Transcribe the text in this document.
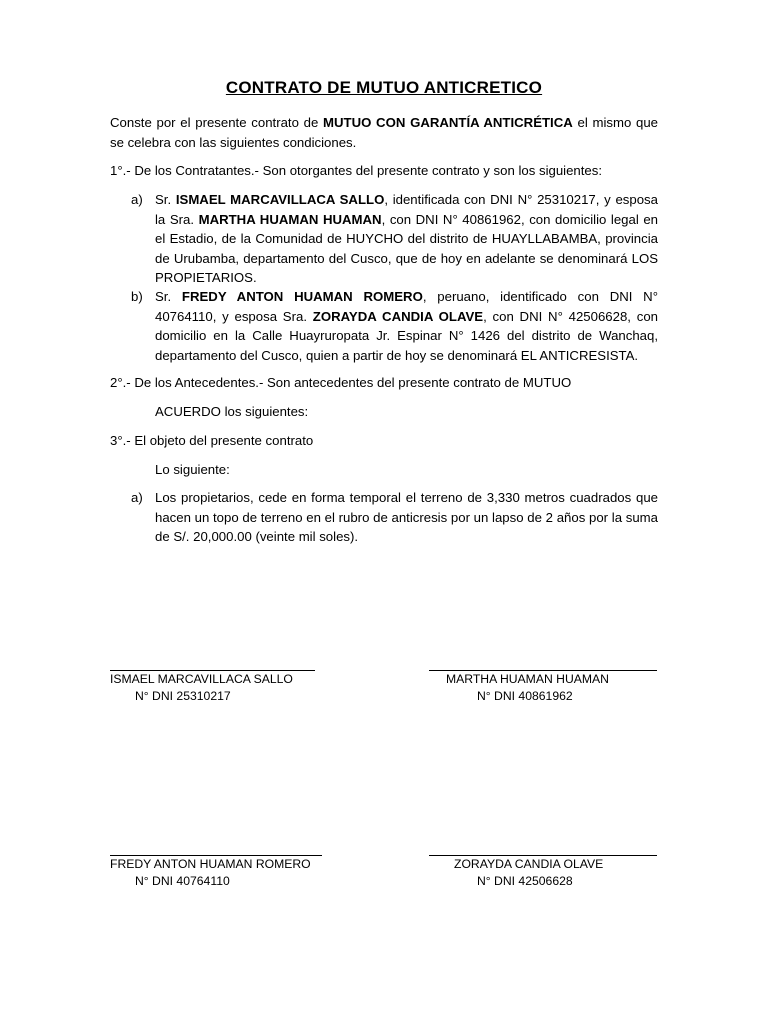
CONTRATO DE MUTUO ANTICRETICO
Conste por el presente contrato de MUTUO CON GARANTÍA ANTICRÉTICA el mismo que se celebra con las siguientes condiciones.
1°.- De los Contratantes.- Son otorgantes del presente contrato y son los siguientes:
a) Sr. ISMAEL MARCAVILLACA SALLO, identificada con DNI N° 25310217, y esposa la Sra. MARTHA HUAMAN HUAMAN, con DNI N° 40861962, con domicilio legal en el Estadio, de la Comunidad de HUYCHO del distrito de HUAYLLABAMBA, provincia de Urubamba, departamento del Cusco, que de hoy en adelante se denominará LOS PROPIETARIOS.
b) Sr. FREDY ANTON HUAMAN ROMERO, peruano, identificado con DNI N° 40764110, y esposa Sra. ZORAYDA CANDIA OLAVE, con DNI N° 42506628, con domicilio en la Calle Huayruropata Jr. Espinar N° 1426 del distrito de Wanchaq, departamento del Cusco, quien a partir de hoy se denominará EL ANTICRESISTA.
2°.- De los Antecedentes.- Son antecedentes del presente contrato de MUTUO
ACUERDO los siguientes:
3°.- El objeto del presente contrato
Lo siguiente:
a) Los propietarios, cede en forma temporal el terreno de 3,330 metros cuadrados que hacen un topo de terreno en el rubro de anticresis por un lapso de 2 años por la suma de S/. 20,000.00 (veinte mil soles).
ISMAEL MARCAVILLACA SALLO
N° DNI 25310217
MARTHA HUAMAN HUAMAN
N° DNI 40861962
FREDY ANTON HUAMAN ROMERO
N° DNI 40764110
ZORAYDA CANDIA OLAVE
N° DNI 42506628
